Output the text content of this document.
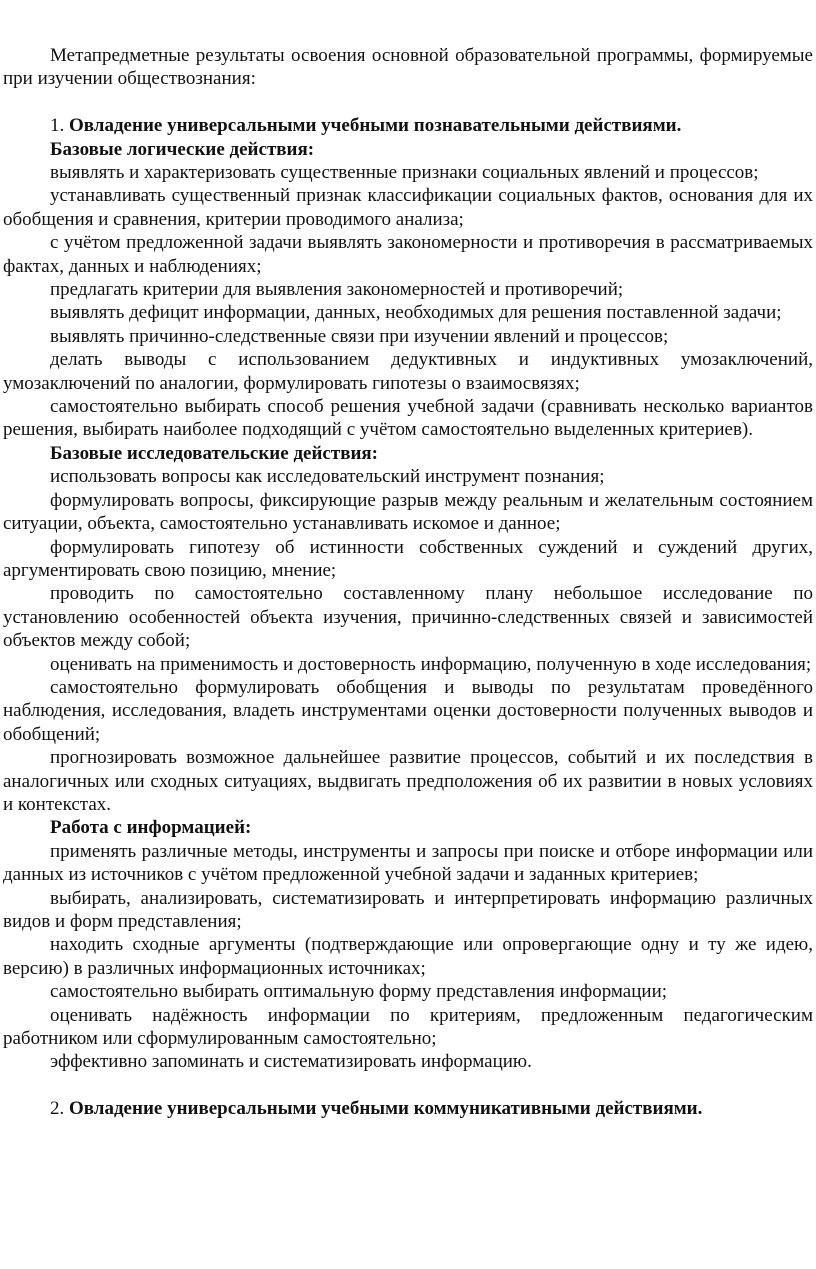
Метапредметные результаты освоения основной образовательной программы, формируемые при изучении обществознания:

1. Овладение универсальными учебными познавательными действиями.

Базовые логические действия:

выявлять и характеризовать существенные признаки социальных явлений и процессов;

устанавливать существенный признак классификации социальных фактов, основания для их обобщения и сравнения, критерии проводимого анализа;

с учётом предложенной задачи выявлять закономерности и противоречия в рассматриваемых фактах, данных и наблюдениях;

предлагать критерии для выявления закономерностей и противоречий;

выявлять дефицит информации, данных, необходимых для решения поставленной задачи;

выявлять причинно-следственные связи при изучении явлений и процессов;

делать выводы с использованием дедуктивных и индуктивных умозаключений, умозаключений по аналогии, формулировать гипотезы о взаимосвязях;

самостоятельно выбирать способ решения учебной задачи (сравнивать несколько вариантов решения, выбирать наиболее подходящий с учётом самостоятельно выделенных критериев).

Базовые исследовательские действия:

использовать вопросы как исследовательский инструмент познания;

формулировать вопросы, фиксирующие разрыв между реальным и желательным состоянием ситуации, объекта, самостоятельно устанавливать искомое и данное;

формулировать гипотезу об истинности собственных суждений и суждений других, аргументировать свою позицию, мнение;

проводить по самостоятельно составленному плану небольшое исследование по установлению особенностей объекта изучения, причинно-следственных связей и зависимостей объектов между собой;

оценивать на применимость и достоверность информацию, полученную в ходе исследования;

самостоятельно формулировать обобщения и выводы по результатам проведённого наблюдения, исследования, владеть инструментами оценки достоверности полученных выводов и обобщений;

прогнозировать возможное дальнейшее развитие процессов, событий и их последствия в аналогичных или сходных ситуациях, выдвигать предположения об их развитии в новых условиях и контекстах.

Работа с информацией:

применять различные методы, инструменты и запросы при поиске и отборе информации или данных из источников с учётом предложенной учебной задачи и заданных критериев;

выбирать, анализировать, систематизировать и интерпретировать информацию различных видов и форм представления;

находить сходные аргументы (подтверждающие или опровергающие одну и ту же идею, версию) в различных информационных источниках;

самостоятельно выбирать оптимальную форму представления информации;

оценивать надёжность информации по критериям, предложенным педагогическим работником или сформулированным самостоятельно;

эффективно запоминать и систематизировать информацию.

2. Овладение универсальными учебными коммуникативными действиями.
